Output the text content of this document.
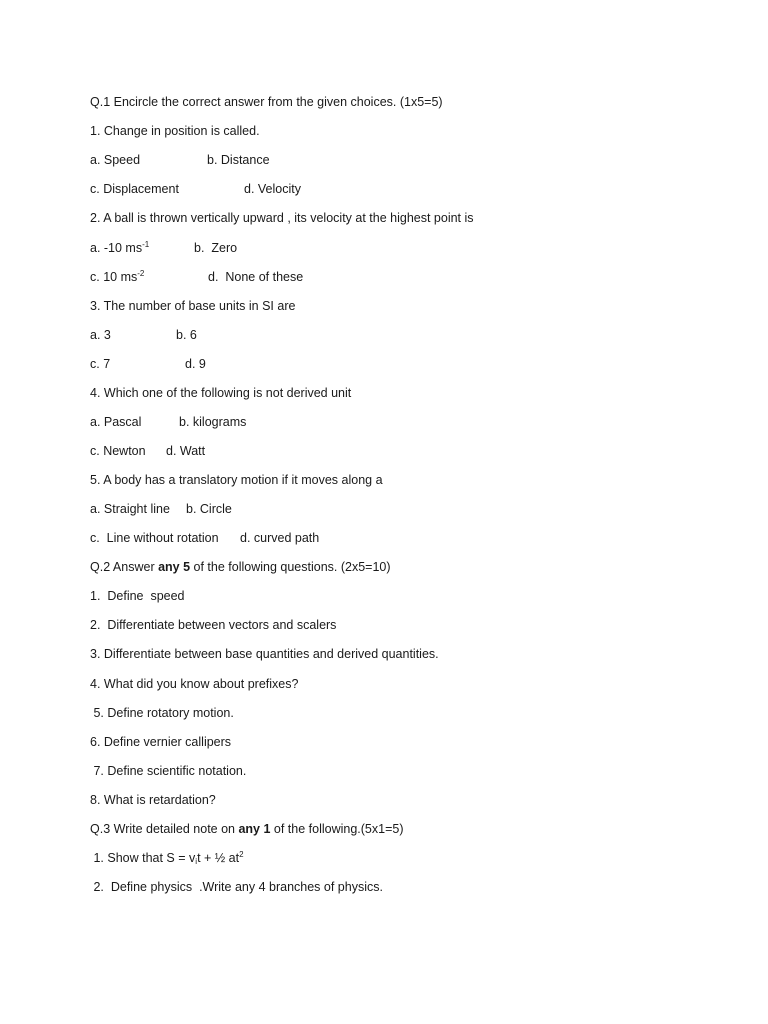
Q.1 Encircle the correct answer from the given choices. (1x5=5)
1. Change in position is called.

a. Speed

	b. Distance

c. Displacement

	d. Velocity

2. A ball is thrown vertically upward , its velocity at the highest point is

a. -10 $ms^{-1}$

	b.  Zero

c. 10 $ms^{-2}$

	d.  None of these

3. The number of base units in SI are

a. 3

	b. 6

c. 7

	d. 9

4. Which one of the following is not derived unit

a. Pascal

	b. kilograms

c. Newton

d. Watt

5. A body has a translatory motion if it moves along a

a. Straight line

b. Circle

c.  Line without rotation

d. curved path

Q.2 Answer any 5 of the following questions. (2x5=10)
1.  Define  speed
2.  Differentiate between vectors and scalers
3. Differentiate between base quantities and derived quantities.
4. What did you know about prefixes?
5. Define rotatory motion.
6. Define vernier callipers
7. Define scientific notation.
8. What is retardation?
Q.3 Write detailed note on any 1 of the following.(5x1=5)
1. Show that $S = v_it$ + ½ $at^2$
2.  Define physics  .Write any 4 branches of physics.
